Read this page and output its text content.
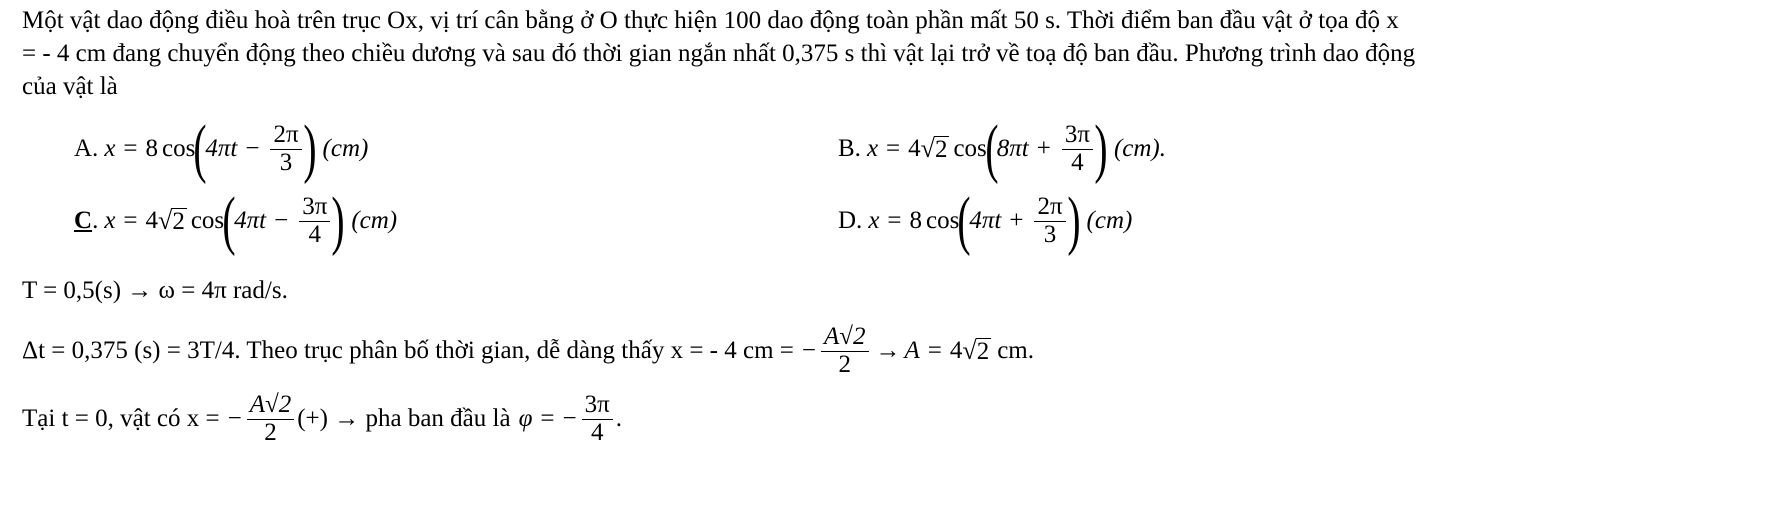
Một vật dao động điều hoà trên trục Ox, vị trí cân bằng ở O thực hiện 100 dao động toàn phần mất 50 s. Thời điểm ban đầu vật ở tọa độ x
= - 4 cm đang chuyển động theo chiều dương và sau đó thời gian ngắn nhất 0,375 s thì vật lại trở về toạ độ ban đầu. Phương trình dao động
của vật là
A. x = 8 cos
(
$4\pi t - \frac{2\pi}{3}$ ) (cm)	B. x = 4 √ 2 cos
(
$8\pi t + \frac{3\pi}{4}$ ) (cm).
C . x = 4 √ 2 cos
(
$4\pi t - \frac{3\pi}{4}$ ) (cm)	D. x = 8 cos
(
$4\pi t + \frac{2\pi}{3}$ ) (cm)
T = 0,5(s) → ω = 4π rad/s.
Δt = 0,375 (s) = 3T/4. Theo trục phân bố thời gian, dễ dàng thấy x = - 4 cm = − $\frac{A√2}{2} \to A = 4$ √ 2 cm.
Tại t = 0, vật có x = − $\frac{A√2}{2}$ (+) → pha ban đầu là φ = − $\frac{3\pi}{4}$ .
